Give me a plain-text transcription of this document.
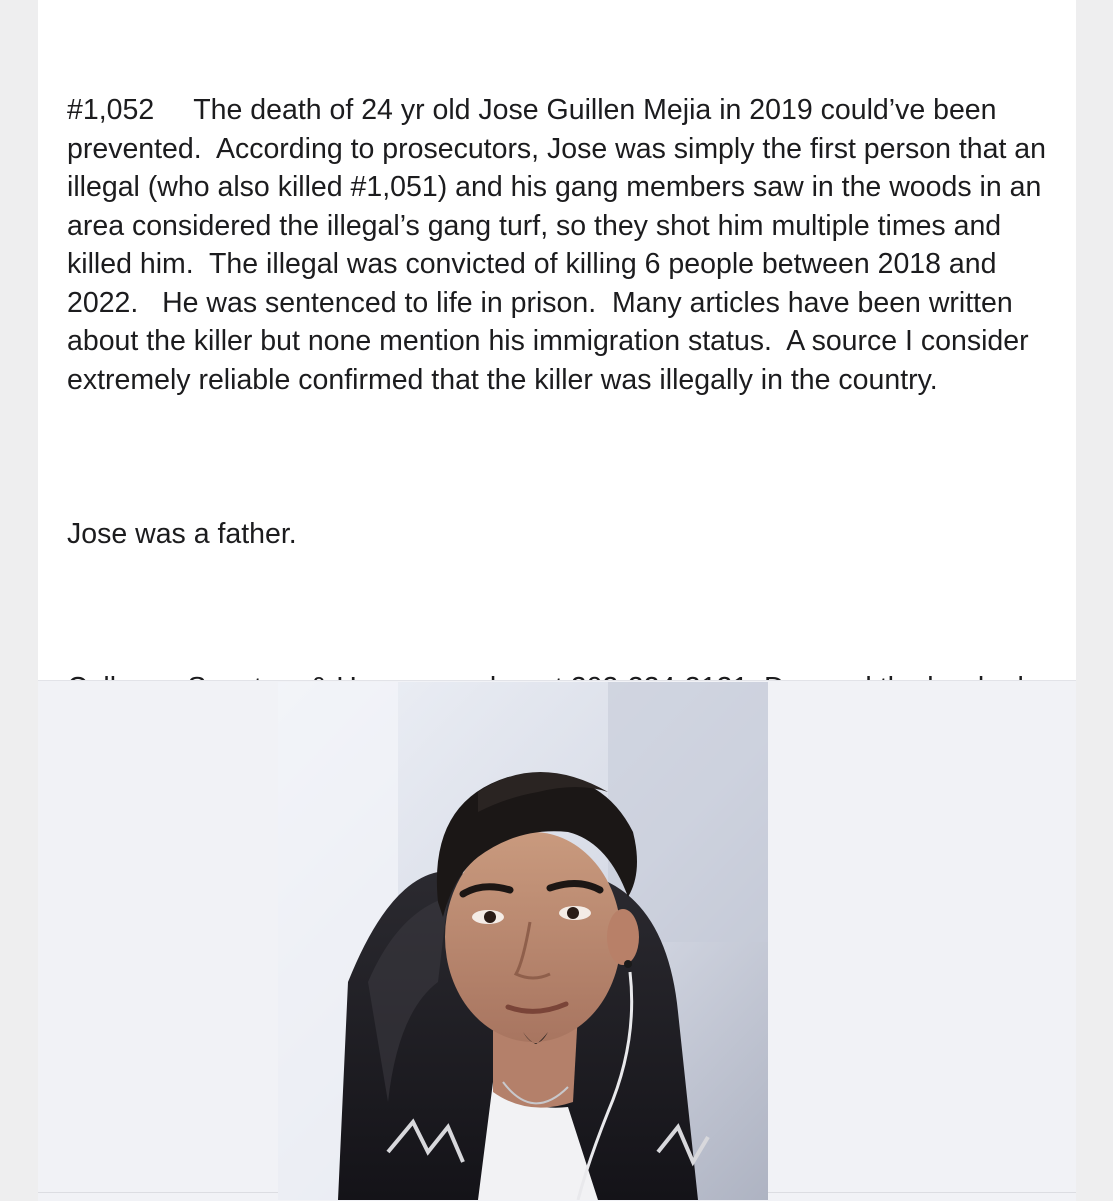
#1,052     The death of 24 yr old Jose Guillen Mejia in 2019 could’ve been prevented.  According to prosecutors, Jose was simply the first person that an illegal (who also killed #1,051) and his gang members saw in the woods in an area considered the illegal’s gang turf, so they shot him multiple times and killed him.  The illegal was convicted of killing 6 people between 2018 and 2022.   He was sentenced to life in prison.  Many articles have been written about the killer but none mention his immigration status.  A source I consider extremely reliable confirmed that the killer was illegally in the country.

Jose was a father.
